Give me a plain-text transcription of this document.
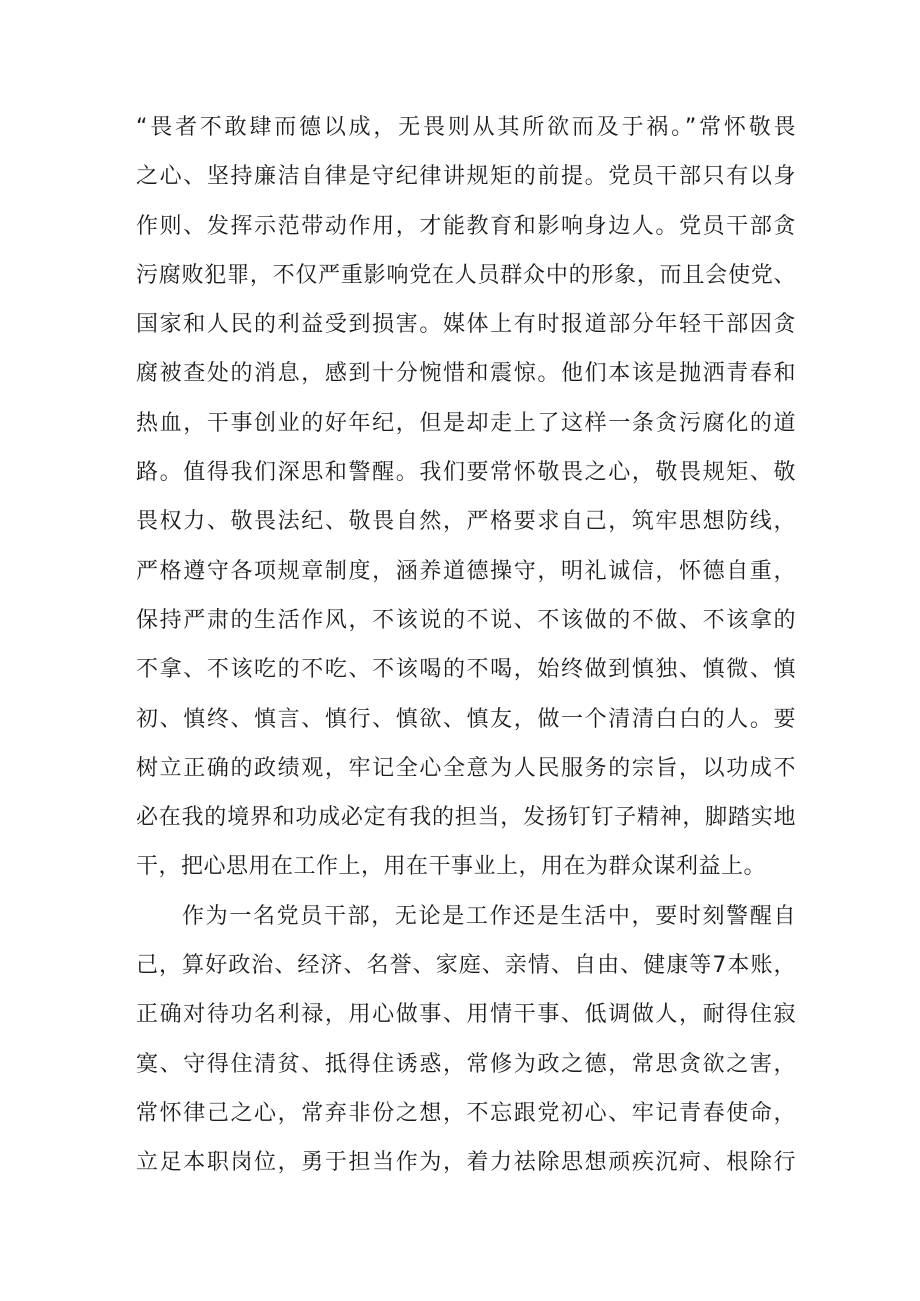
“畏者不敢肆而德以成，无畏则从其所欲而及于祸。”常怀敬畏
之心、坚持廉洁自律是守纪律讲规矩的前提。党员干部只有以身
作则、发挥示范带动作用，才能教育和影响身边人。党员干部贪
污腐败犯罪，不仅严重影响党在人员群众中的形象，而且会使党、
国家和人民的利益受到损害。媒体上有时报道部分年轻干部因贪
腐被查处的消息，感到十分惋惜和震惊。他们本该是抛洒青春和
热血，干事创业的好年纪，但是却走上了这样一条贪污腐化的道
路。值得我们深思和警醒。我们要常怀敬畏之心，敬畏规矩、敬
畏权力、敬畏法纪、敬畏自然，严格要求自己，筑牢思想防线，
严格遵守各项规章制度，涵养道德操守，明礼诚信，怀德自重，
保持严肃的生活作风，不该说的不说、不该做的不做、不该拿的
不拿、不该吃的不吃、不该喝的不喝，始终做到慎独、慎微、慎
初、慎终、慎言、慎行、慎欲、慎友，做一个清清白白的人。要
树立正确的政绩观，牢记全心全意为人民服务的宗旨，以功成不
必在我的境界和功成必定有我的担当，发扬钉钉子精神，脚踏实地
干，把心思用在工作上，用在干事业上，用在为群众谋利益上。
作为一名党员干部，无论是工作还是生活中，要时刻警醒自
己，算好政治、经济、名誉、家庭、亲情、自由、健康等7本账，
正确对待功名利禄，用心做事、用情干事、低调做人，耐得住寂
寞、守得住清贫、抵得住诱惑，常修为政之德，常思贪欲之害，
常怀律己之心，常弃非份之想，不忘跟党初心、牢记青春使命，
立足本职岗位，勇于担当作为，着力祛除思想顽疾沉疴、根除行
